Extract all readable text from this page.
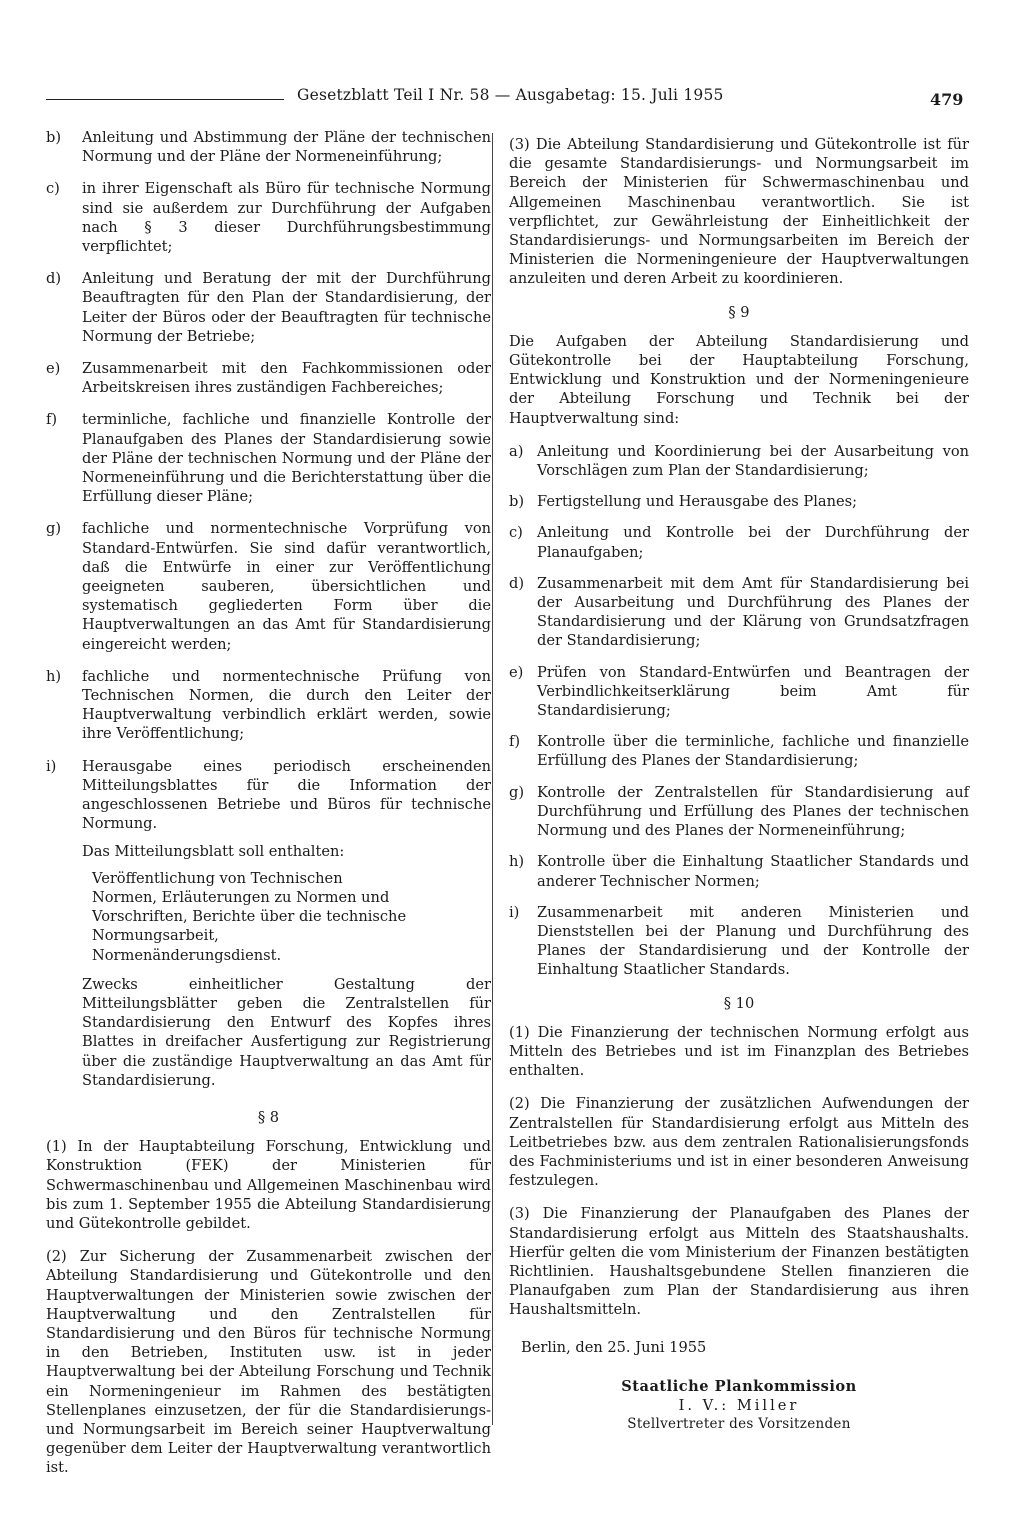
Gesetzblatt Teil I Nr. 58 — Ausgabetag: 15. Juli 1955	479
b) Anleitung und Abstimmung der Pläne der technischen Normung und der Pläne der Normeneinführung;
c) in ihrer Eigenschaft als Büro für technische Normung sind sie außerdem zur Durchführung der Aufgaben nach § 3 dieser Durchführungsbestimmung verpflichtet;
d) Anleitung und Beratung der mit der Durchführung Beauftragten für den Plan der Standardisierung, der Leiter der Büros oder der Beauftragten für technische Normung der Betriebe;
e) Zusammenarbeit mit den Fachkommissionen oder Arbeitskreisen ihres zuständigen Fachbereiches;
f) terminliche, fachliche und finanzielle Kontrolle der Planaufgaben des Planes der Standardisierung sowie der Pläne der technischen Normung und der Pläne der Normeneinführung und die Berichterstattung über die Erfüllung dieser Pläne;
g) fachliche und normentechnische Vorprüfung von Standard-Entwürfen. Sie sind dafür verantwortlich, daß die Entwürfe in einer zur Veröffentlichung geeigneten sauberen, übersichtlichen und systematisch gegliederten Form über die Hauptverwaltungen an das Amt für Standardisierung eingereicht werden;
h) fachliche und normentechnische Prüfung von Technischen Normen, die durch den Leiter der Hauptverwaltung verbindlich erklärt werden, sowie ihre Veröffentlichung;
i) Herausgabe eines periodisch erscheinenden Mitteilungsblattes für die Information der angeschlossenen Betriebe und Büros für technische Normung.

Das Mitteilungsblatt soll enthalten:

Veröffentlichung von Technischen Normen, Erläuterungen zu Normen und Vorschriften, Berichte über die technische Normungsarbeit, Normenänderungsdienst.

Zwecks einheitlicher Gestaltung der Mitteilungsblätter geben die Zentralstellen für Standardisierung den Entwurf des Kopfes ihres Blattes in dreifacher Ausfertigung zur Registrierung über die zuständige Hauptverwaltung an das Amt für Standardisierung.

§ 8

(1) In der Hauptabteilung Forschung, Entwicklung und Konstruktion (FEK) der Ministerien für Schwermaschinenbau und Allgemeinen Maschinenbau wird bis zum 1. September 1955 die Abteilung Standardisierung und Gütekontrolle gebildet.

(2) Zur Sicherung der Zusammenarbeit zwischen der Abteilung Standardisierung und Gütekontrolle und den Hauptverwaltungen der Ministerien sowie zwischen der Hauptverwaltung und den Zentralstellen für Standardisierung und den Büros für technische Normung in den Betrieben, Instituten usw. ist in jeder Hauptverwaltung bei der Abteilung Forschung und Technik ein Normeningenieur im Rahmen des bestätigten Stellenplanes einzusetzen, der für die Standardisierungs- und Normungsarbeit im Bereich seiner Hauptverwaltung gegenüber dem Leiter der Hauptverwaltung verantwortlich ist.

(3) Die Abteilung Standardisierung und Gütekontrolle ist für die gesamte Standardisierungs- und Normungsarbeit im Bereich der Ministerien für Schwermaschinenbau und Allgemeinen Maschinenbau verantwortlich. Sie ist verpflichtet, zur Gewährleistung der Einheitlichkeit der Standardisierungs- und Normungsarbeiten im Bereich der Ministerien die Normeningenieure der Hauptverwaltungen anzuleiten und deren Arbeit zu koordinieren.

§ 9

Die Aufgaben der Abteilung Standardisierung und Gütekontrolle bei der Hauptabteilung Forschung, Entwicklung und Konstruktion und der Normeningenieure der Abteilung Forschung und Technik bei der Hauptverwaltung sind:

a) Anleitung und Koordinierung bei der Ausarbeitung von Vorschlägen zum Plan der Standardisierung;
b) Fertigstellung und Herausgabe des Planes;
c) Anleitung und Kontrolle bei der Durchführung der Planaufgaben;
d) Zusammenarbeit mit dem Amt für Standardisierung bei der Ausarbeitung und Durchführung des Planes der Standardisierung und der Klärung von Grundsatzfragen der Standardisierung;
e) Prüfen von Standard-Entwürfen und Beantragen der Verbindlichkeitserklärung beim Amt für Standardisierung;
f) Kontrolle über die terminliche, fachliche und finanzielle Erfüllung des Planes der Standardisierung;
g) Kontrolle der Zentralstellen für Standardisierung auf Durchführung und Erfüllung des Planes der technischen Normung und des Planes der Normeneinführung;
h) Kontrolle über die Einhaltung Staatlicher Standards und anderer Technischer Normen;
i) Zusammenarbeit mit anderen Ministerien und Dienststellen bei der Planung und Durchführung des Planes der Standardisierung und der Kontrolle der Einhaltung Staatlicher Standards.
§ 10

(1) Die Finanzierung der technischen Normung erfolgt aus Mitteln des Betriebes und ist im Finanzplan des Betriebes enthalten.

(2) Die Finanzierung der zusätzlichen Aufwendungen der Zentralstellen für Standardisierung erfolgt aus Mitteln des Leitbetriebes bzw. aus dem zentralen Rationalisierungsfonds des Fachministeriums und ist in einer besonderen Anweisung festzulegen.

(3) Die Finanzierung der Planaufgaben des Planes der Standardisierung erfolgt aus Mitteln des Staatshaushalts. Hierfür gelten die vom Ministerium der Finanzen bestätigten Richtlinien. Haushaltsgebundene Stellen finanzieren die Planaufgaben zum Plan der Standardisierung aus ihren Haushaltsmitteln.

Berlin, den 25. Juni 1955
Staatliche Plankommission
I. V.: Miller
Stellvertreter des Vorsitzenden
